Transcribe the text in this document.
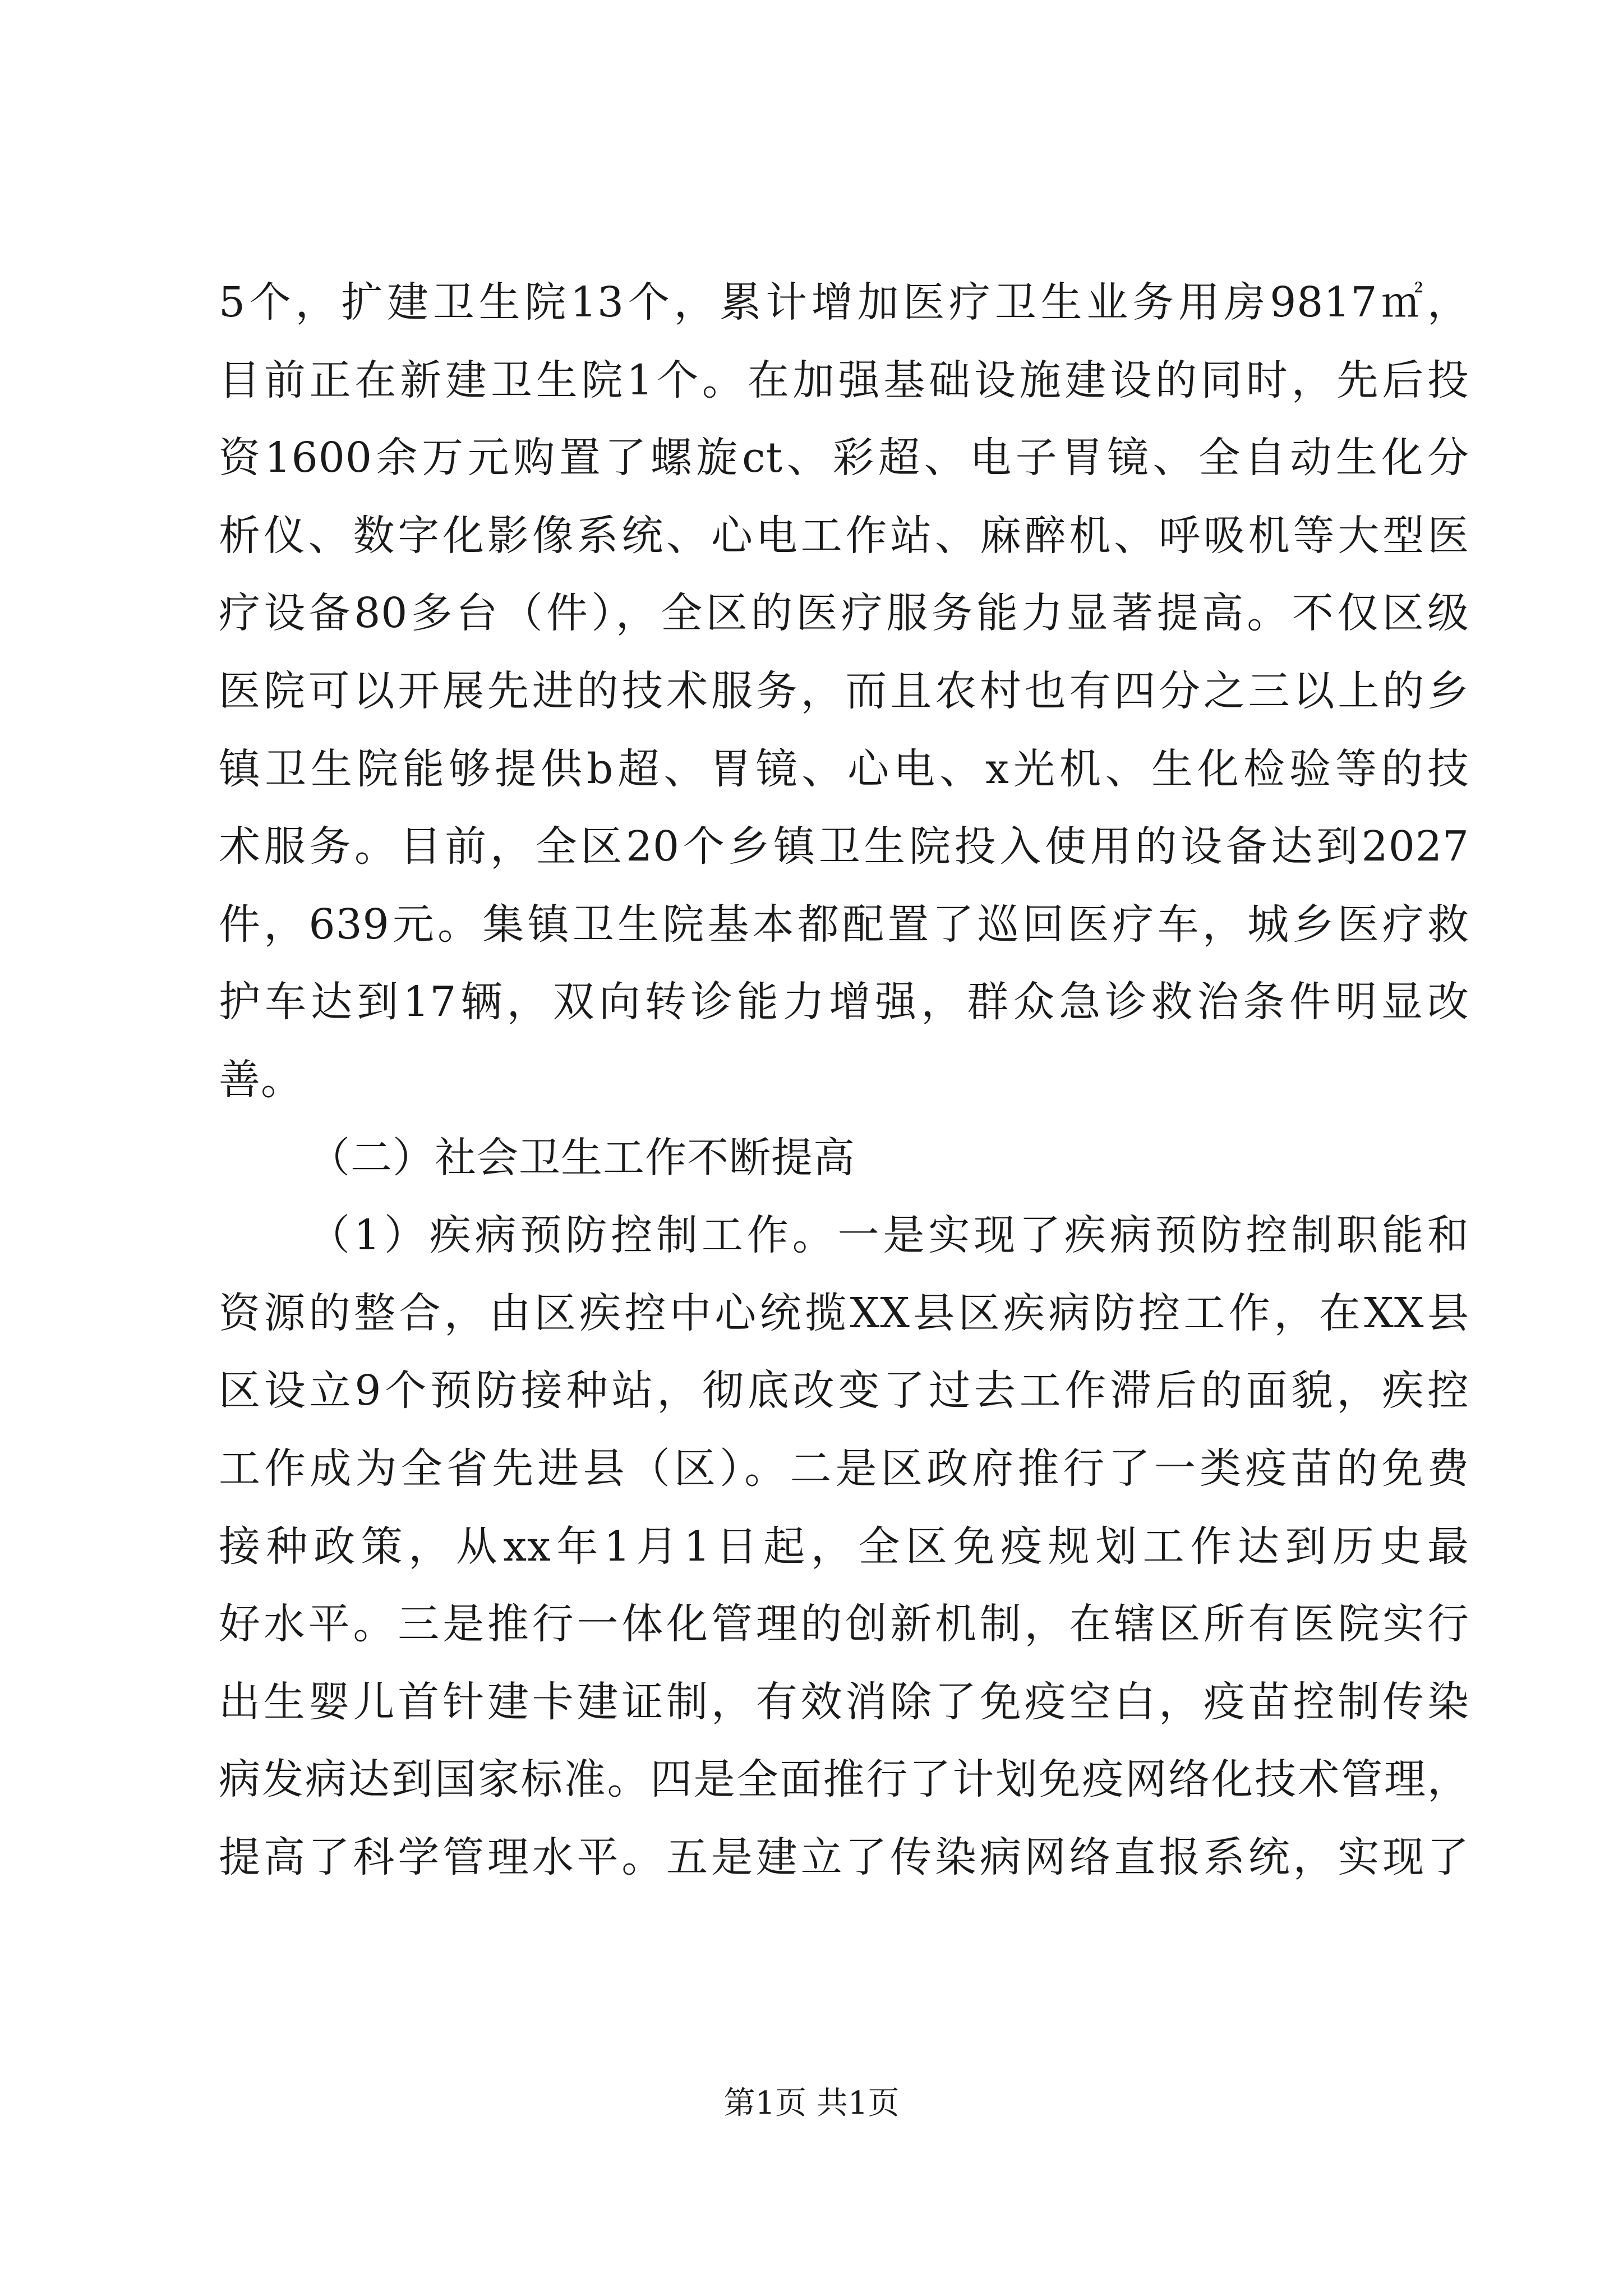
5个，扩建卫生院13个，累计增加医疗卫生业务用房9817㎡，
目前正在新建卫生院1个。在加强基础设施建设的同时，先后投
资1600余万元购置了螺旋ct、彩超、电子胃镜、全自动生化分
析仪、数字化影像系统、心电工作站、麻醉机、呼吸机等大型医
疗设备80多台（件），全区的医疗服务能力显著提高。不仅区级
医院可以开展先进的技术服务，而且农村也有四分之三以上的乡
镇卫生院能够提供b超、胃镜、心电、x光机、生化检验等的技
术服务。目前，全区20个乡镇卫生院投入使用的设备达到2027
件，639元。集镇卫生院基本都配置了巡回医疗车，城乡医疗救
护车达到17辆，双向转诊能力增强，群众急诊救治条件明显改
善。
（二）社会卫生工作不断提高
（1）疾病预防控制工作。一是实现了疾病预防控制职能和
资源的整合，由区疾控中心统揽XX县区疾病防控工作，在XX县
区设立9个预防接种站，彻底改变了过去工作滞后的面貌，疾控
工作成为全省先进县（区）。二是区政府推行了一类疫苗的免费
接种政策，从xx年1月1日起，全区免疫规划工作达到历史最
好水平。三是推行一体化管理的创新机制，在辖区所有医院实行
出生婴儿首针建卡建证制，有效消除了免疫空白，疫苗控制传染
病发病达到国家标准。四是全面推行了计划免疫网络化技术管理，
提高了科学管理水平。五是建立了传染病网络直报系统，实现了
第1页 共1页
